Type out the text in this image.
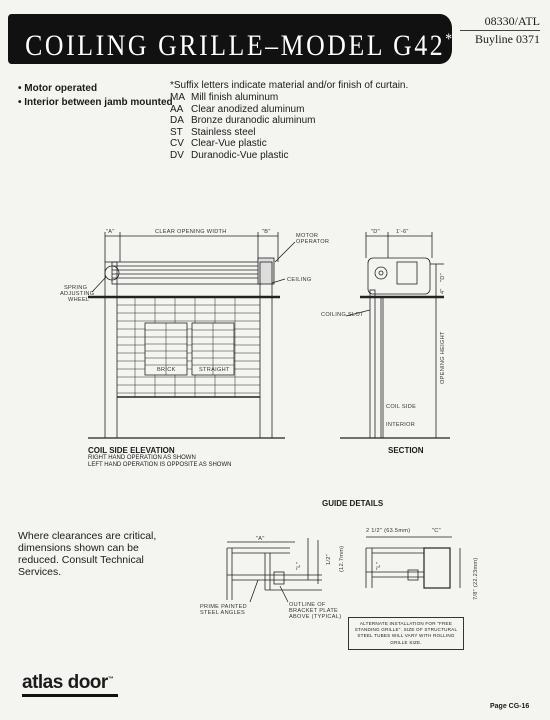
COILING GRILLE–MODEL G42*
08330/ATL
Buyline 0371
• Motor operated
• Interior between jamb mounted
*Suffix letters indicate material and/or finish of curtain.
MA	Mill finish aluminum
AA	Clear anodized aluminum
DA	Bronze duranodic aluminum
ST	Stainless steel
CV	Clear-Vue plastic
DV	Duranodic-Vue plastic
"A"	CLEAR OPENING WIDTH	"B"
MOTOR
OPERATOR
CEILING
SPRING
ADJUSTING
WHEEL
BRICK	STRAIGHT
"D"	1'-6"
"D"
4"
COILING SLOT
OPENING HEIGHT
COIL SIDE
INTERIOR
"A"
1/2" (12.7mm)
"L"	"L"
PRIME PAINTED
STEEL ANGLES
OUTLINE OF
BRACKET PLATE
ABOVE (TYPICAL)
2 1/2" (63.5mm)	"C"
7/8" (22.23mm)
COIL SIDE ELEVATION
RIGHT HAND OPERATION AS SHOWN
LEFT HAND OPERATION IS OPPOSITE AS SHOWN
SECTION
GUIDE DETAILS
Where clearances are critical, dimensions shown can be reduced. Consult Technical Services.
ALTERNATE INSTALLATION FOR "FREE STANDING GRILLE". SIZE OF STRUCTURAL STEEL TUBES WILL VARY WITH ROLLING GRILLE SIZE.
atlas door™
Page CG-16
